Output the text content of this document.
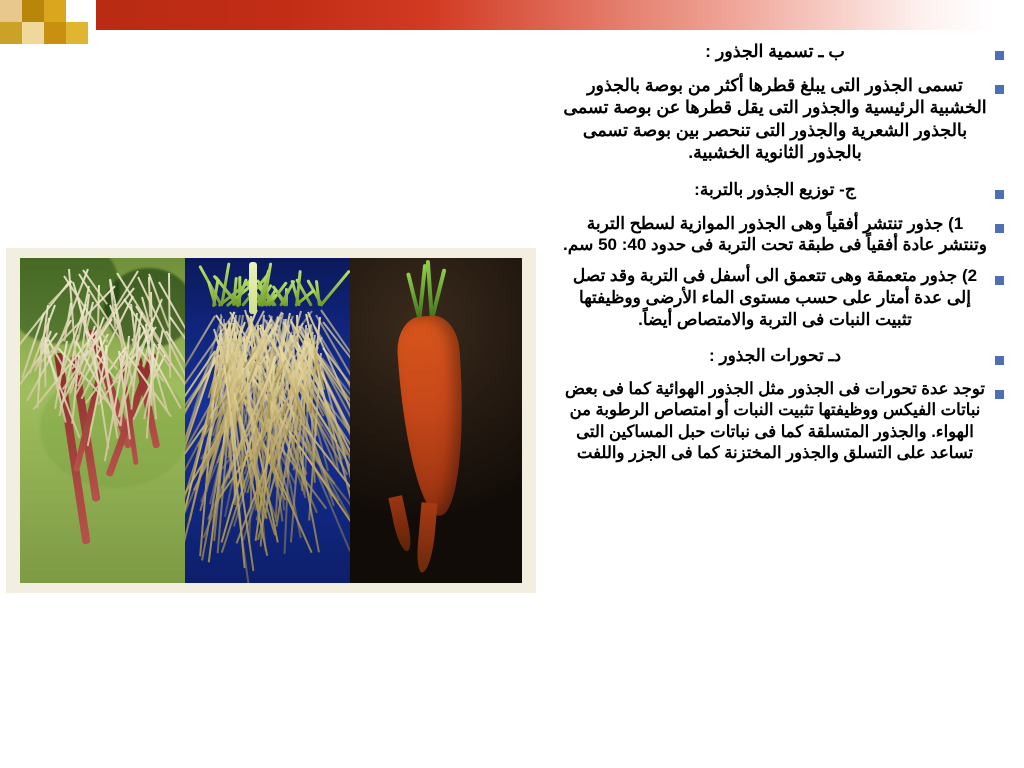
ب ـ تسمية الجذور :
تسمى الجذور التى يبلغ قطرها أكثر من بوصة بالجذور الخشبية الرئيسية والجذور التى يقل قطرها عن بوصة تسمى بالجذور الشعرية والجذور التى تنحصر بين بوصة تسمى بالجذور الثانوية الخشبية.
ج- توزيع الجذور بالتربة:
1) جذور تنتشر أفقياً وهى الجذور الموازية لسطح التربة وتنتشر عادة أفقياً فى طبقة تحت التربة فى حدود 40: 50 سم.
2) جذور متعمقة وهى تتعمق الى أسفل فى التربة وقد تصل إلى عدة أمتار على حسب مستوى الماء الأرضى ووظيفتها تثبيت النبات فى التربة والامتصاص أيضاً.
دـ تحورات الجذور :
توجد عدة تحورات فى الجذور مثل الجذور الهوائية كما فى بعض نباتات الفيكس ووظيفتها تثبيت النبات أو امتصاص الرطوبة من الهواء. والجذور المتسلقة كما فى نباتات حبل المساكين التى تساعد على التسلق والجذور المختزنة كما فى الجزر واللفت
